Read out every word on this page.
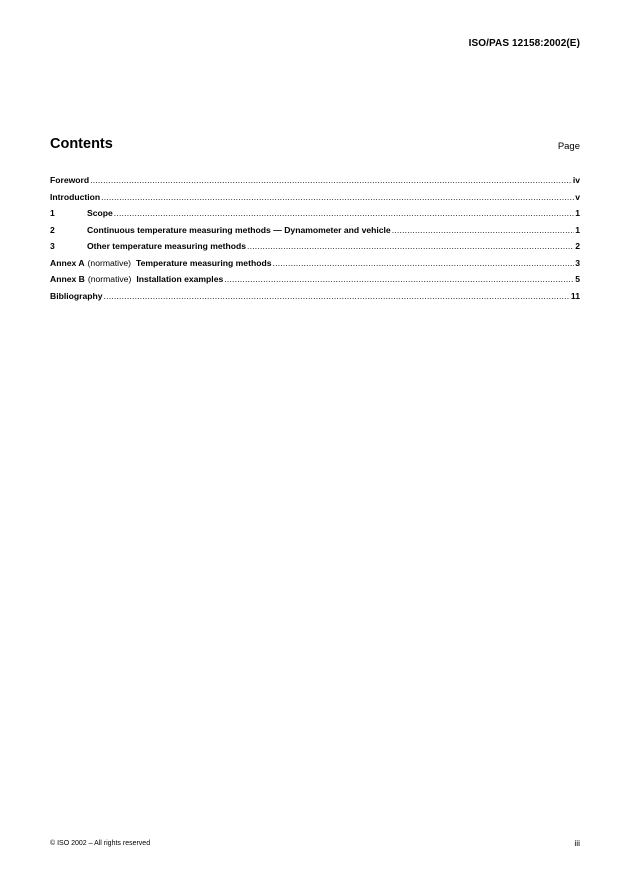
ISO/PAS 12158:2002(E)
Contents	Page
Foreword .....	iv
Introduction .....	v
1	Scope .....	1
2	Continuous temperature measuring methods — Dynamometer and vehicle .....	1
3	Other temperature measuring methods .....	2
Annex A (normative) Temperature measuring methods .....	3
Annex B (normative) Installation examples .....	5
Bibliography .....	11
© ISO 2002 – All rights reserved	iii
